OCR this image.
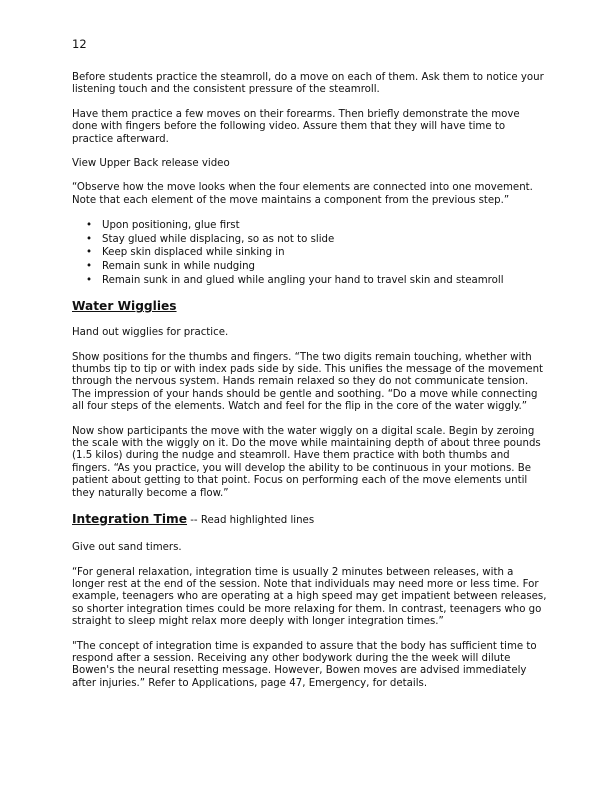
12

Before students practice the steamroll, do a move on each of them. Ask them to notice your listening touch and the consistent pressure of the steamroll.

Have them practice a few moves on their forearms. Then briefly demonstrate the move done with fingers before the following video. Assure them that they will have time to practice afterward.

View Upper Back release video

“Observe how the move looks when the four elements are connected into one movement. Note that each element of the move maintains a component from the previous step.”

• Upon positioning, glue first
• Stay glued while displacing, so as not to slide
• Keep skin displaced while sinking in
• Remain sunk in while nudging
• Remain sunk in and glued while angling your hand to travel skin and steamroll
Water Wigglies

Hand out wigglies for practice.

Show positions for the thumbs and fingers. “The two digits remain touching, whether with thumbs tip to tip or with index pads side by side. This unifies the message of the movement through the nervous system. Hands remain relaxed so they do not communicate tension. The impression of your hands should be gentle and soothing. “Do a move while connecting all four steps of the elements. Watch and feel for the flip in the core of the water wiggly.”

Now show participants the move with the water wiggly on a digital scale. Begin by zeroing the scale with the wiggly on it. Do the move while maintaining depth of about three pounds (1.5 kilos) during the nudge and steamroll. Have them practice with both thumbs and fingers. “As you practice, you will develop the ability to be continuous in your motions. Be patient about getting to that point. Focus on performing each of the move elements until they naturally become a flow.”

Integration Time -- Read highlighted lines

Give out sand timers.

“For general relaxation, integration time is usually 2 minutes between releases, with a longer rest at the end of the session. Note that individuals may need more or less time. For example, teenagers who are operating at a high speed may get impatient between releases, so shorter integration times could be more relaxing for them. In contrast, teenagers who go straight to sleep might relax more deeply with longer integration times.”

"The concept of integration time is expanded to assure that the body has sufficient time to respond after a session. Receiving any other bodywork during the the week will dilute Bowen's the neural resetting message. However, Bowen moves are advised immediately after injuries.” Refer to Applications, page 47, Emergency, for details.
